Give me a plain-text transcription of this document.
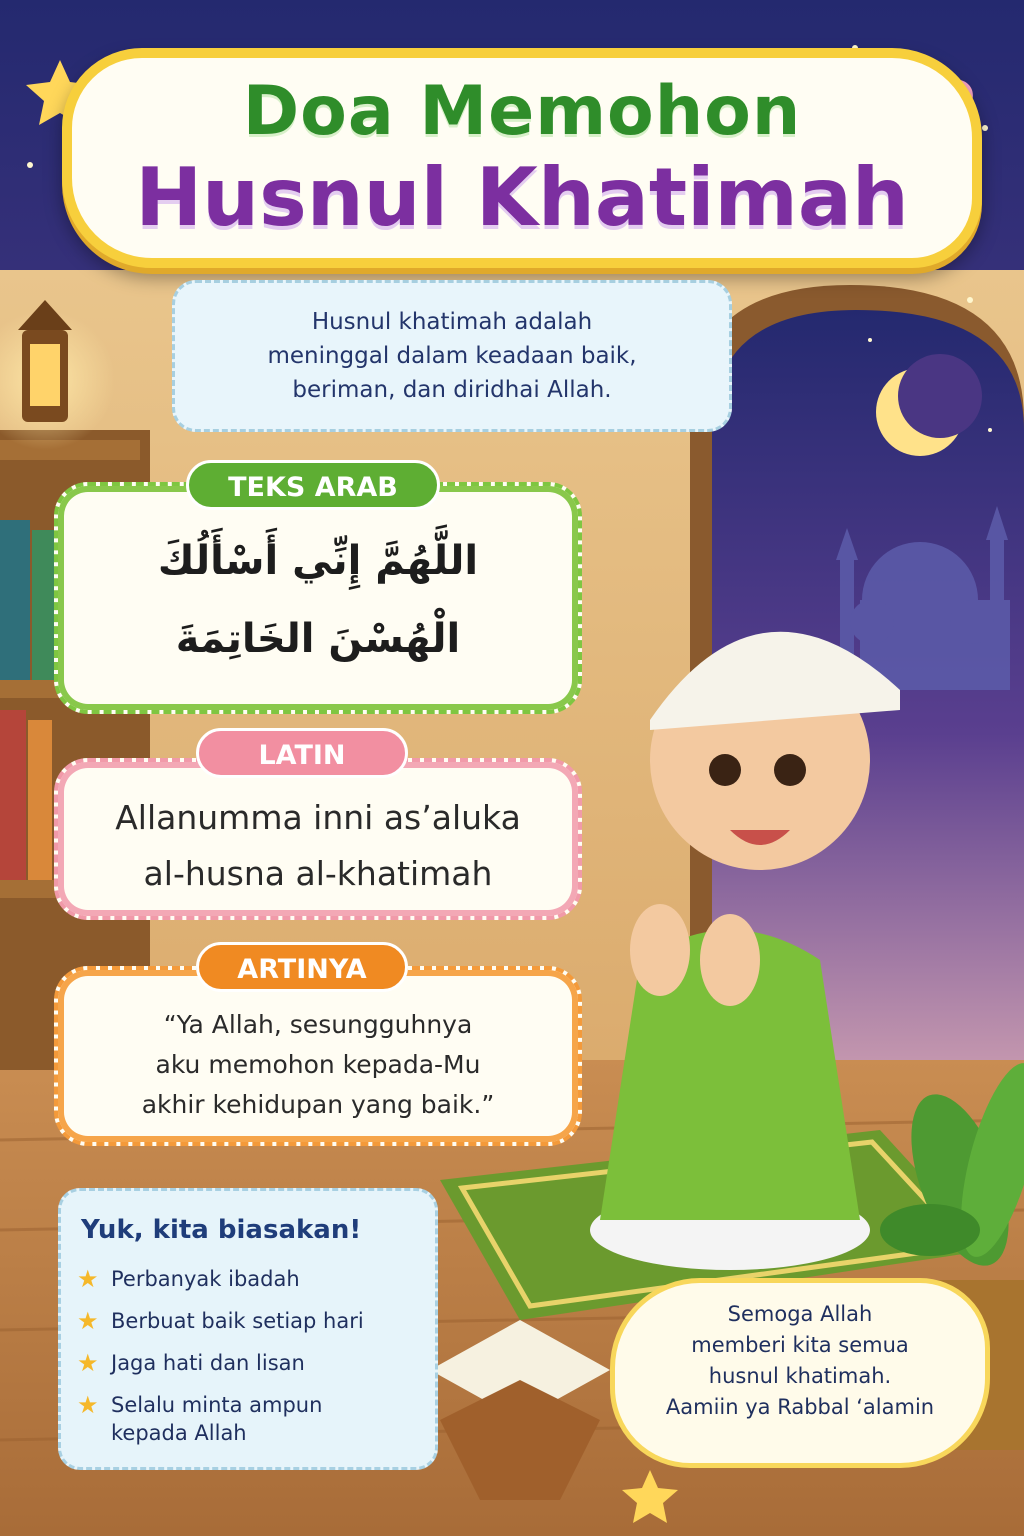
Doa Memohon
Husnul Khatimah

Husnul khatimah adalah

meninggal dalam keadaan baik,

beriman, dan diridhai Allah.

اللَّهُمَّ إِنِّي أَسْأَلُكَ
الْهُسْنَ الخَاتِمَةَ
TEKS ARAB
Allanumma inni as’aluka
al-husna al-khatimah
LATIN
“Ya Allah, sesungguhnya
aku memohon kepada-Mu
akhir kehidupan yang baik.”
ARTINYA
Yuk, kita biasakan!
★ Perbanyak ibadah
★ Berbuat baik setiap hari
★ Jaga hati dan lisan
★ Selalu minta ampun kepada Allah

Semoga Allah

memberi kita semua

husnul khatimah.

Aamiin ya Rabbal ‘alamin
